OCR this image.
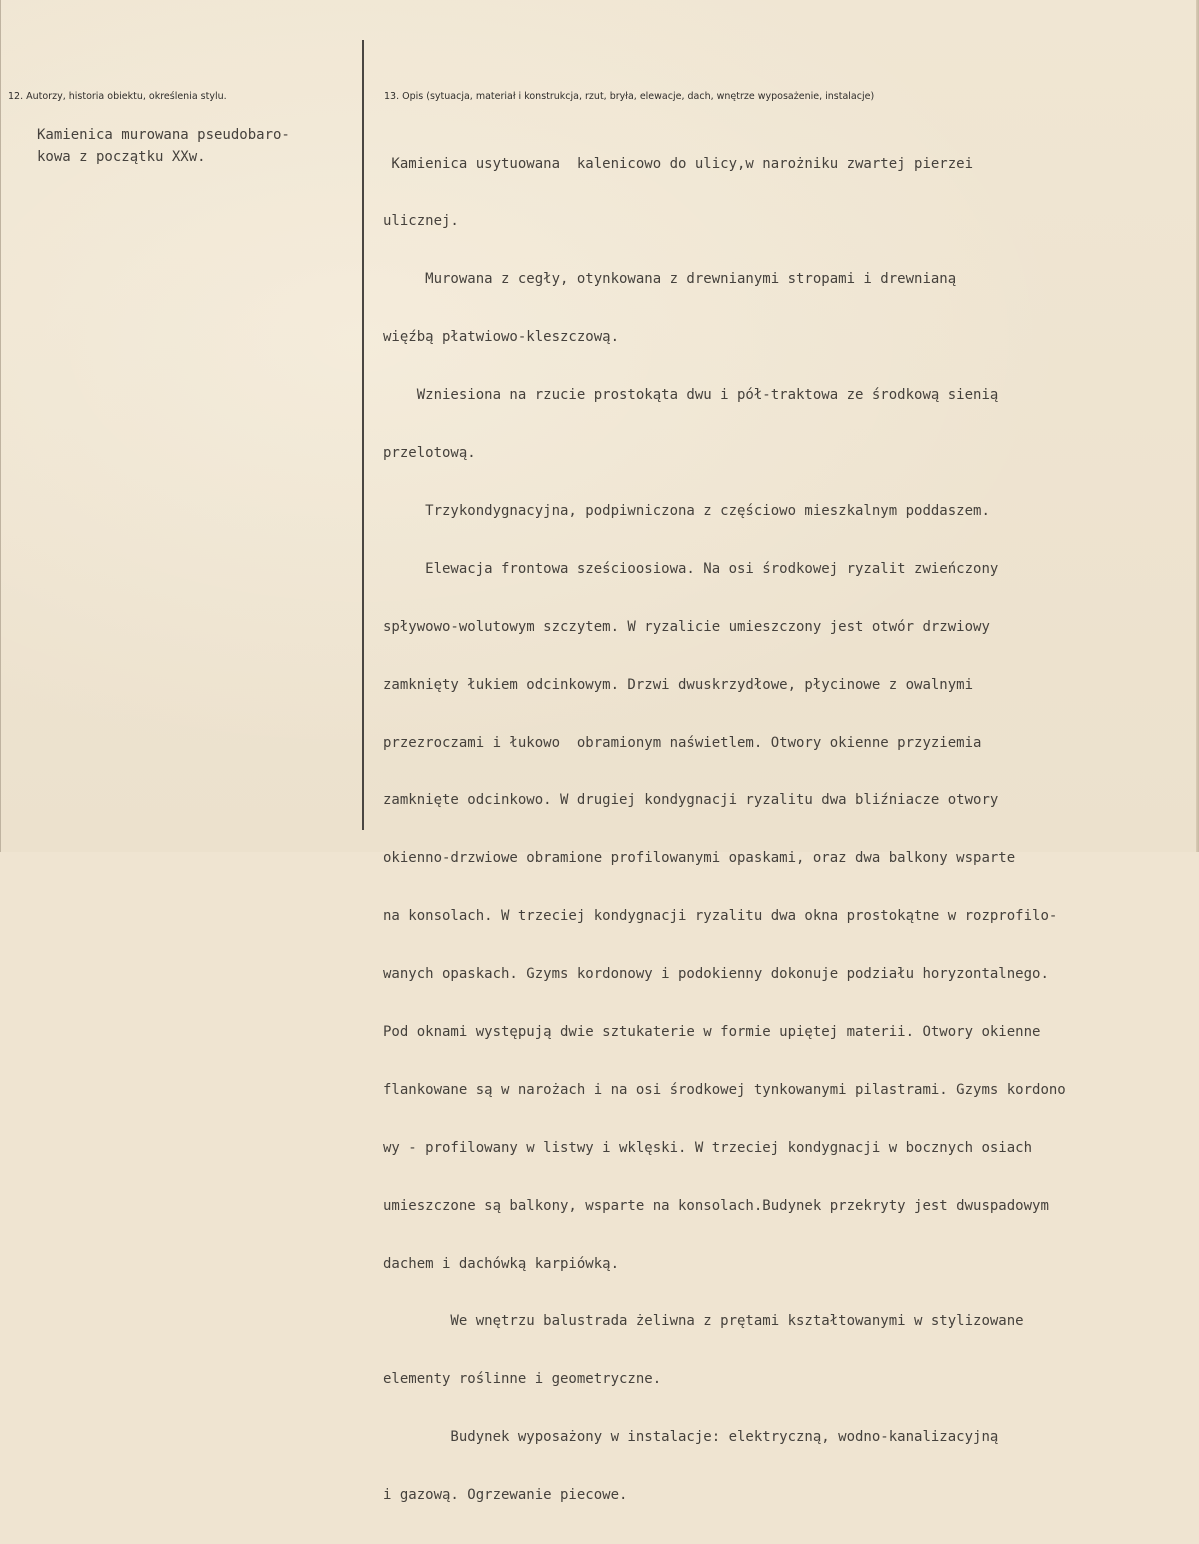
12. Autorzy, historia obiektu, określenia stylu.	13. Opis (sytuacja, materiał i konstrukcja, rzut, bryła, elewacje, dach, wnętrze wyposażenie, instalacje)
Kamienica murowana pseudobaro-
kowa z początku XXw.

	Kamienica usytuowana  kalenicowo do ulicy,w narożniku zwartej pierzei

ulicznej.

Murowana z cegły, otynkowana z drewnianymi stropami i drewnianą

więźbą płatwiowo-kleszczową.

Wzniesiona na rzucie prostokąta dwu i pół-traktowa ze środkową sienią

przelotową.

Trzykondygnacyjna, podpiwniczona z częściowo mieszkalnym poddaszem.

Elewacja frontowa sześcioosiowa. Na osi środkowej ryzalit zwieńczony

spływowo-wolutowym szczytem. W ryzalicie umieszczony jest otwór drzwiowy

zamknięty łukiem odcinkowym. Drzwi dwuskrzydłowe, płycinowe z owalnymi

przezroczami i łukowo  obramionym naświetlem. Otwory okienne przyziemia

zamknięte odcinkowo. W drugiej kondygnacji ryzalitu dwa bliźniacze otwory

okienno-drzwiowe obramione profilowanymi opaskami, oraz dwa balkony wsparte

na konsolach. W trzeciej kondygnacji ryzalitu dwa okna prostokątne w rozprofilo-

wanych opaskach. Gzyms kordonowy i podokienny dokonuje podziału horyzontalnego.

Pod oknami występują dwie sztukaterie w formie upiętej materii. Otwory okienne

flankowane są w narożach i na osi środkowej tynkowanymi pilastrami. Gzyms kordono

wy - profilowany w listwy i wklęski. W trzeciej kondygnacji w bocznych osiach

umieszczone są balkony, wsparte na konsolach.Budynek przekryty jest dwuspadowym

dachem i dachówką karpiówką.

We wnętrzu balustrada żeliwna z prętami kształtowanymi w stylizowane

elementy roślinne i geometryczne.

Budynek wyposażony w instalacje: elektryczną, wodno-kanalizacyjną

i gazową. Ogrzewanie piecowe.
